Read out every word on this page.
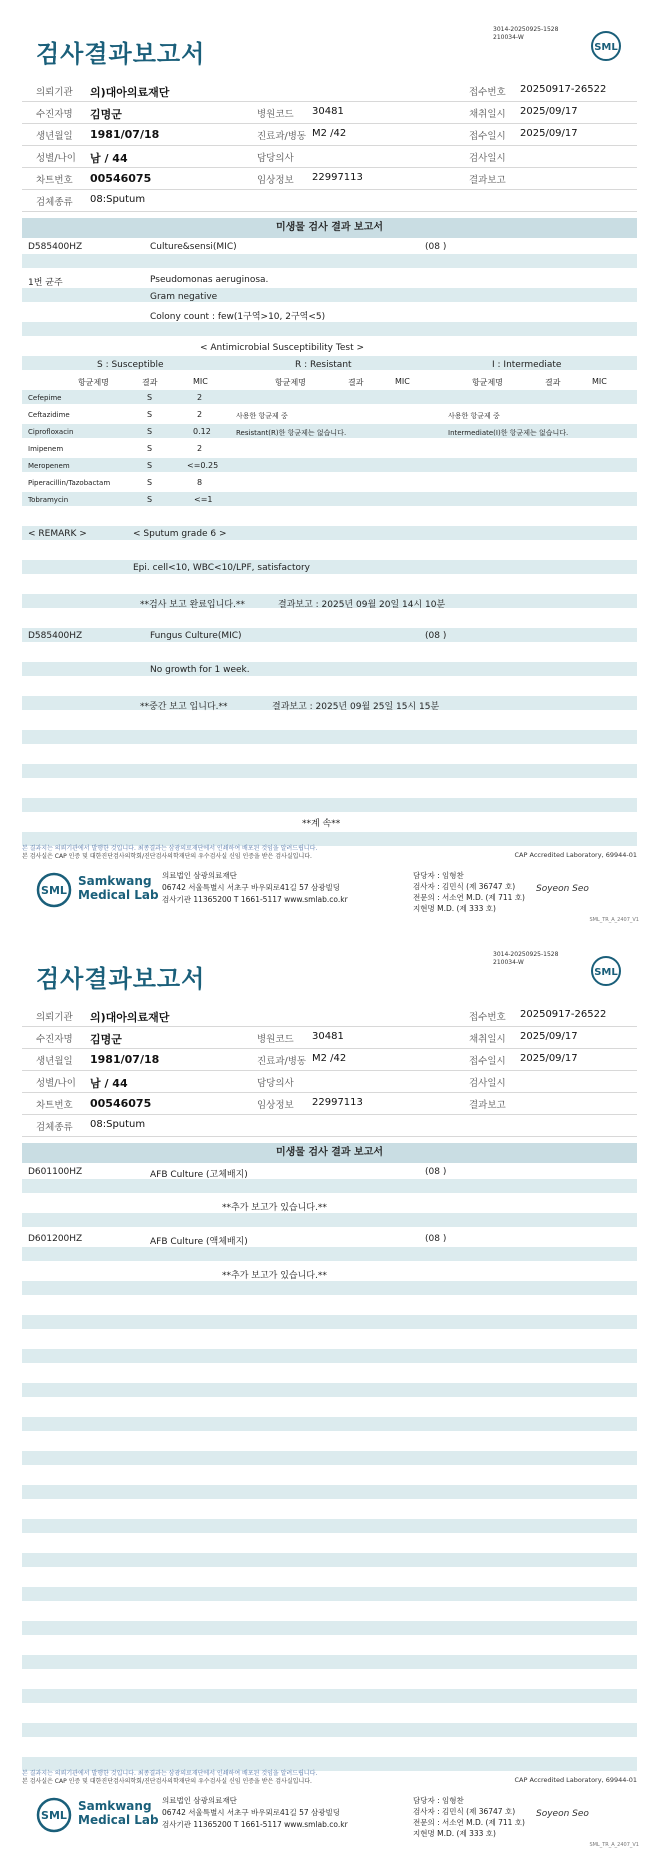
검사결과보고서
3014-20250925-1528
210034-W
SML
의뢰기관 의)대아의료재단	접수번호 20250917-26522
수진자명 김명군	병원코드 30481	채취일시 2025/09/17
생년월일 1981/07/18	진료과/병동 M2 /42	접수일시 2025/09/17
성별/나이 남 / 44	담당의사	검사일시
차트번호 00546075	임상정보 22997113	결과보고
검체종류 08:Sputum
미생물 검사 결과 보고서
D585400HZ	Culture&sensi(MIC)	(08 )
1번 균주	Pseudomonas aeruginosa.
Gram negative
Colony count : few(1구역>10, 2구역<5)
< Antimicrobial Susceptibility Test >
S : Susceptible	R : Resistant	I : Intermediate
항균제명	결과	MIC	항균제명	결과	MIC	항균제명	결과	MIC
Cefepime	S	2
Ceftazidime	S	2	사용한 항균제 중	사용한 항균제 중
Ciprofloxacin	S	0.12	Resistant(R)한 항균제는 없습니다.	Intermediate(I)한 항균제는 없습니다.
Imipenem	S	2
Meropenem	S	<=0.25
Piperacillin/Tazobactam	S	8
Tobramycin	S	<=1
< REMARK >	< Sputum grade 6 >
Epi. cell<10, WBC<10/LPF, satisfactory
**검사 보고 완료입니다.**	결과보고 : 2025년 09월 20일 14시 10분
D585400HZ	Fungus Culture(MIC)	(08 )
No growth for 1 week.
**중간 보고 입니다.**	결과보고 : 2025년 09월 25일 15시 15분
**계 속**
본 결과지는 의뢰기관에서 발행한 것입니다. 최종결과는 삼광의료재단에서 인쇄하여 배포된 것임을 알려드립니다.
본 검사실은 CAP 인증 및 대한진단검사의학회/진단검사의학재단의 우수검사실 신임 인증을 받은 검사실입니다.	CAP Accredited Laboratory, 69944-01
SML
Samkwang
Medical Lab
의료법인 삼광의료재단
06742 서울특별시 서초구 바우뫼로41길 57 삼광빌딩
검사기관 11365200 T 1661-5117 www.smlab.co.kr
담당자 : 임형찬
검사자 : 김민식 (제 36747 호)
전문의 : 서소연 M.D. (제 711 호)
지현명 M.D. (제 333 호)
Soyeon Seo
SML_TR_A_2407_V1
검사결과보고서
3014-20250925-1528
210034-W
SML
의뢰기관 의)대아의료재단	접수번호 20250917-26522
수진자명 김명군	병원코드 30481	채취일시 2025/09/17
생년월일 1981/07/18	진료과/병동 M2 /42	접수일시 2025/09/17
성별/나이 남 / 44	담당의사	검사일시
차트번호 00546075	임상정보 22997113	결과보고
검체종류 08:Sputum
미생물 검사 결과 보고서
D601100HZ	AFB Culture (고체배지)	(08 )
**추가 보고가 있습니다.**
D601200HZ	AFB Culture (액체배지)	(08 )
**추가 보고가 있습니다.**
본 결과지는 의뢰기관에서 발행한 것입니다. 최종결과는 삼광의료재단에서 인쇄하여 배포된 것임을 알려드립니다.
본 검사실은 CAP 인증 및 대한진단검사의학회/진단검사의학재단의 우수검사실 신임 인증을 받은 검사실입니다.	CAP Accredited Laboratory, 69944-01
SML
Samkwang
Medical Lab
의료법인 삼광의료재단
06742 서울특별시 서초구 바우뫼로41길 57 삼광빌딩
검사기관 11365200 T 1661-5117 www.smlab.co.kr
담당자 : 임형찬
검사자 : 김민식 (제 36747 호)
전문의 : 서소연 M.D. (제 711 호)
지현명 M.D. (제 333 호)
Soyeon Seo
SML_TR_A_2407_V1
